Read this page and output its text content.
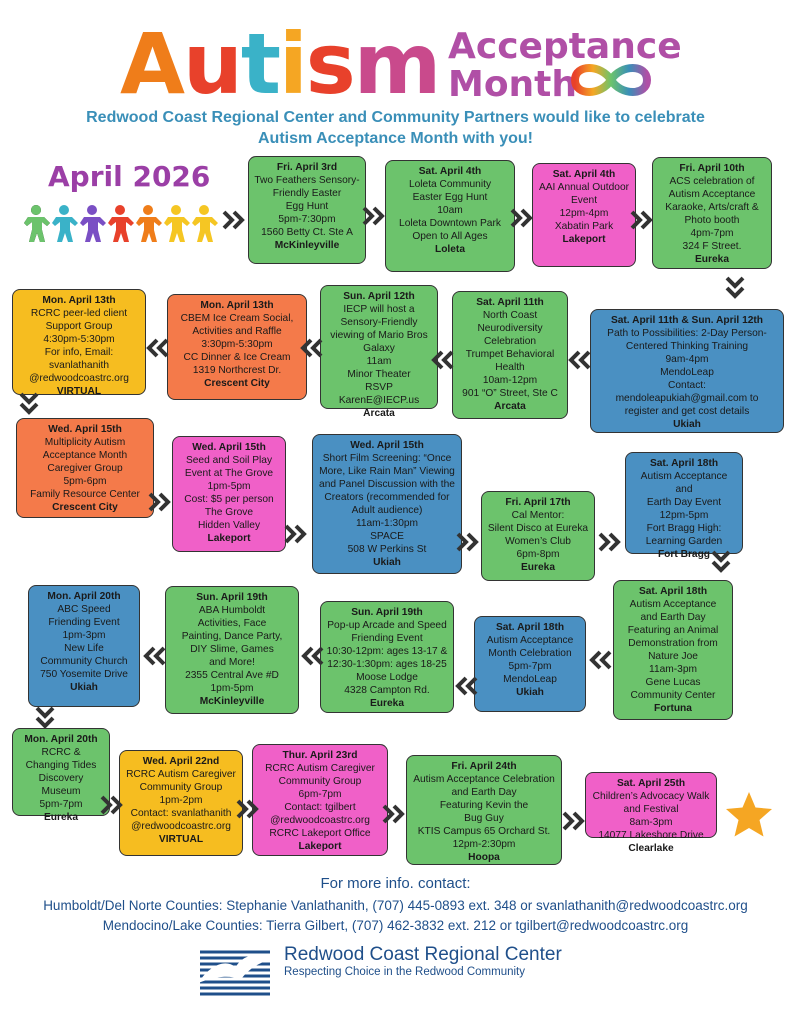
Autism Acceptance
Month
Redwood Coast Regional Center and Community Partners would like to celebrate
Autism Acceptance Month with you!
April 2026	Fri. April 3rd
Two Feathers Sensory-
Friendly Easter
Egg Hunt
5pm-7:30pm
1560 Betty Ct. Ste A
McKinleyville
Sat. April 4th
Loleta Community
Easter Egg Hunt
10am
Loleta Downtown Park
Open to All Ages
Loleta
Sat. April 4th
AAI Annual Outdoor
Event
12pm-4pm
Xabatin Park
Lakeport
Fri. April 10th
ACS celebration of
Autism Acceptance
Karaoke, Arts/craft &
Photo booth
4pm-7pm
324 F Street.
Eureka
Sat. April 11th & Sun. April 12th
Path to Possibilities: 2-Day Person-
Centered Thinking Training
9am-4pm
MendoLeap
Contact:
mendoleapukiah@gmail.com to
register and get cost details
Ukiah
Sat. April 11th
North Coast
Neurodiversity
Celebration
Trumpet Behavioral
Health
10am-12pm
901 “O” Street, Ste C
Arcata
Sun. April 12th
IECP will host a
Sensory-Friendly
viewing of Mario Bros
Galaxy
11am
Minor Theater
RSVP KarenE@IECP.us
Arcata
Mon. April 13th
CBEM Ice Cream Social,
Activities and Raffle
3:30pm-5:30pm
CC Dinner & Ice Cream
1319 Northcrest Dr.
Crescent City
Mon. April 13th
RCRC peer-led client
Support Group
4:30pm-5:30pm
For info, Email: svanlathanith
@redwoodcoastrc.org
VIRTUAL
Wed. April 15th
Multiplicity Autism
Acceptance Month
Caregiver Group
5pm-6pm
Family Resource Center
Crescent City
Wed. April 15th
Seed and Soil Play
Event at The Grove
1pm-5pm
Cost: $5 per person
The Grove
Hidden Valley
Lakeport
Wed. April 15th
Short Film Screening: “Once
More, Like Rain Man” Viewing
and Panel Discussion with the
Creators (recommended for
Adult audience)
11am-1:30pm
SPACE
508 W Perkins St
Ukiah
Fri. April 17th
Cal Mentor:
Silent Disco at Eureka
Women’s Club
6pm-8pm
Eureka
Sat. April 18th
Autism Acceptance and
Earth Day Event
12pm-5pm
Fort Bragg High:
Learning Garden
Fort Bragg
Sat. April 18th
Autism Acceptance
and Earth Day
Featuring an Animal
Demonstration from
Nature Joe
11am-3pm
Gene Lucas
Community Center
Fortuna
Sat. April 18th
Autism Acceptance
Month Celebration
5pm-7pm
MendoLeap
Ukiah
Sun. April 19th
Pop-up Arcade and Speed
Friending Event
10:30-12pm: ages 13-17 &
12:30-1:30pm: ages 18-25
Moose Lodge
4328 Campton Rd.
Eureka
Sun. April 19th
ABA Humboldt
Activities, Face
Painting, Dance Party,
DIY Slime, Games
and More!
2355 Central Ave #D
1pm-5pm
McKinleyville
Mon. April 20th
ABC Speed
Friending Event
1pm-3pm
New Life
Community Church
750 Yosemite Drive
Ukiah
Mon. April 20th
RCRC &
Changing Tides
Discovery Museum
5pm-7pm
Eureka
Wed. April 22nd
RCRC Autism Caregiver
Community Group
1pm-2pm
Contact: svanlathanith
@redwoodcoastrc.org
VIRTUAL
Thur. April 23rd
RCRC Autism Caregiver
Community Group
6pm-7pm
Contact: tgilbert
@redwoodcoastrc.org
RCRC Lakeport Office
Lakeport
Fri. April 24th
Autism Acceptance Celebration
and Earth Day
Featuring Kevin the
Bug Guy
KTIS Campus 65 Orchard St.
12pm-2:30pm
Hoopa
Sat. April 25th
Children’s Advocacy Walk
and Festival
8am-3pm
14077 Lakeshore Drive
Clearlake
For more info. contact:
Humboldt/Del Norte Counties: Stephanie Vanlathanith, (707) 445-0893 ext. 348 or svanlathanith@redwoodcoastrc.org
Mendocino/Lake Counties: Tierra Gilbert, (707) 462-3832 ext. 212 or tgilbert@redwoodcoastrc.org
Redwood Coast Regional Center
Respecting Choice in the Redwood Community
